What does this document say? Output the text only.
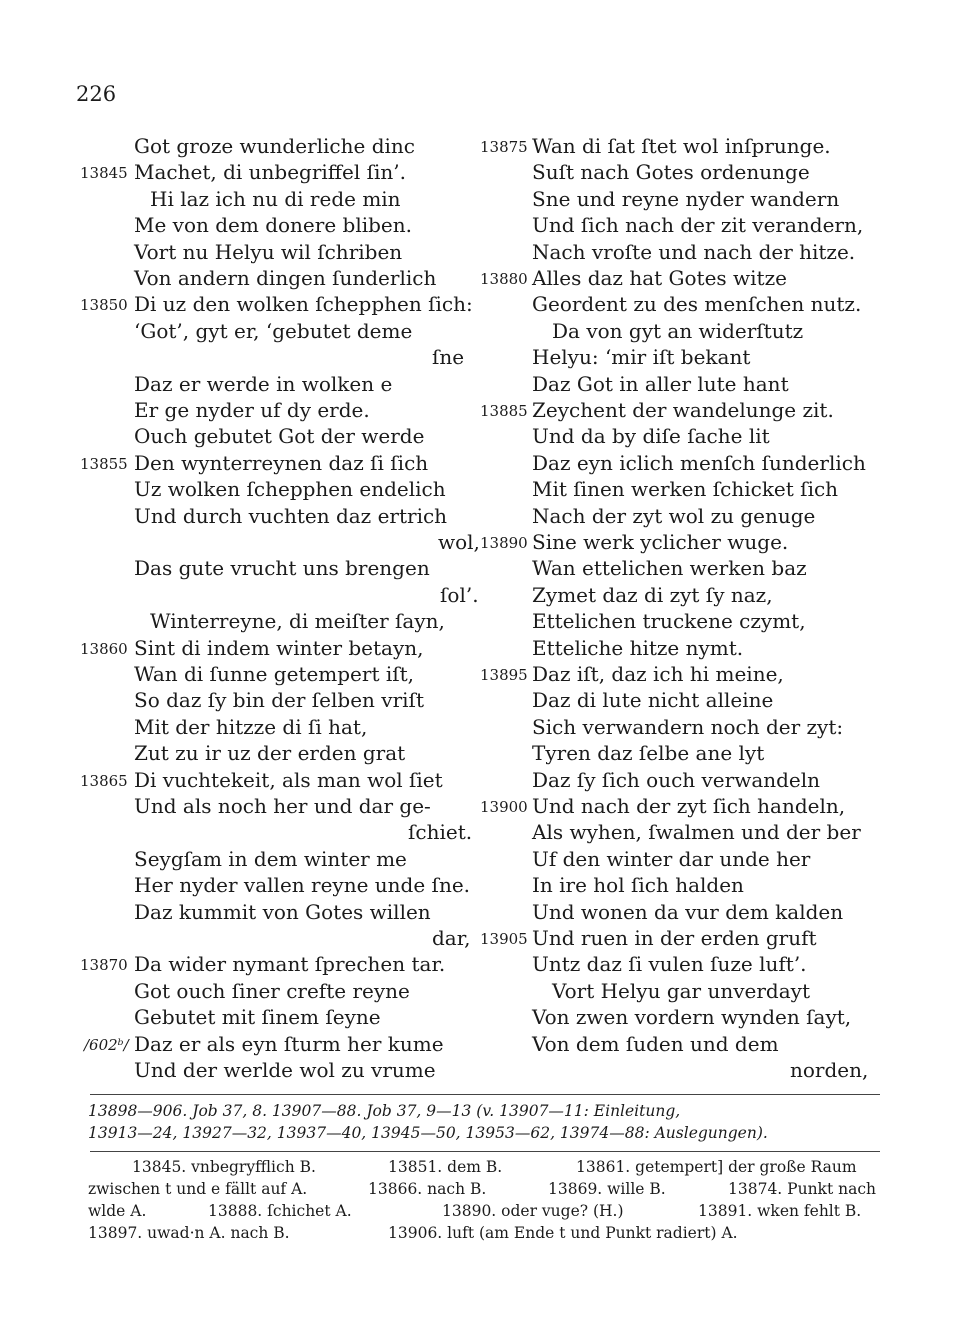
226
Got groze wunderliche dinc
Machet, di unbegriffel ſin’.
13845
Hi laz ich nu di rede min
Me von dem donere bliben.
Vort nu Helyu wil ſchriben
Von andern dingen ſunderlich
Di uz den wolken ſchepphen ſich:
13850
‘Got’, gyt er, ‘gebutet deme
ſne
Daz er werde in wolken e
Er ge nyder uf dy erde.
Ouch gebutet Got der werde
Den wynterreynen daz ſi ſich
13855
Uz wolken ſchepphen endelich
Und durch vuchten daz ertrich
wol,
Das gute vrucht uns brengen
ſol’.
Winterreyne, di meiſter ſayn,
Sint di indem winter betayn,
13860
Wan di ſunne getempert iſt,
So daz ſy bin der ſelben vriſt
Mit der hitzze di ſi hat,
Zut zu ir uz der erden grat
Di vuchtekeit, als man wol ſiet
13865
Und als noch her und dar ge-
ſchiet.
Seygſam in dem winter me
Her nyder vallen reyne unde ſne.
Daz kummit von Gotes willen
dar,
Da wider nymant ſprechen tar.
13870
Got ouch ſiner crefte reyne
Gebutet mit ſinem ſeyne
Daz er als eyn ſturm her kume
/602ᵇ/
Und der werlde wol zu vrume
Wan di ſat ſtet wol inſprunge.
13875
Suſt nach Gotes ordenunge
Sne und reyne nyder wandern
Und ſich nach der zit verandern,
Nach vroſte und nach der hitze.
Alles daz hat Gotes witze
13880
Geordent zu des menſchen nutz.
Da von gyt an widerſtutz
Helyu: ‘mir iſt bekant
Daz Got in aller lute hant
Zeychent der wandelunge zit.
13885
Und da by diſe ſache lit
Daz eyn iclich menſch ſunderlich
Mit ſinen werken ſchicket ſich
Nach der zyt wol zu genuge
Sine werk yclicher wuge.
13890
Wan ettelichen werken baz
Zymet daz di zyt ſy naz,
Ettelichen truckene czymt,
Etteliche hitze nymt.
Daz iſt, daz ich hi meine,
13895
Daz di lute nicht alleine
Sich verwandern noch der zyt:
Tyren daz ſelbe ane lyt
Daz ſy ſich ouch verwandeln
Und nach der zyt ſich handeln,
13900
Als wyhen, ſwalmen und der ber
Uf den winter dar unde her
In ire hol ſich halden
Und wonen da vur dem kalden
Und ruen in der erden gruft
13905
Untz daz ſi vulen ſuze luft’.
Vort Helyu gar unverdayt
Von zwen vordern wynden ſayt,
Von dem ſuden und dem
norden,
13898—906. Job 37, 8. 13907—88. Job 37, 9—13 (v. 13907—11: Einleitung,
13913—24, 13927—32, 13937—40, 13945—50, 13953—62, 13974—88: Auslegungen).
13845. vnbegryfflich B.	13851. dem B.	13861. getempert] der große Raum
zwischen t und e fällt auf A.	13866. nach B.	13869. wille B.	13874. Punkt nach
wlde A.	13888. ſchichet A.	13890. oder vuge? (H.)	13891. wken fehlt B.
13897. uwad·n A. nach B.	13906. luft (am Ende t und Punkt radiert) A.
